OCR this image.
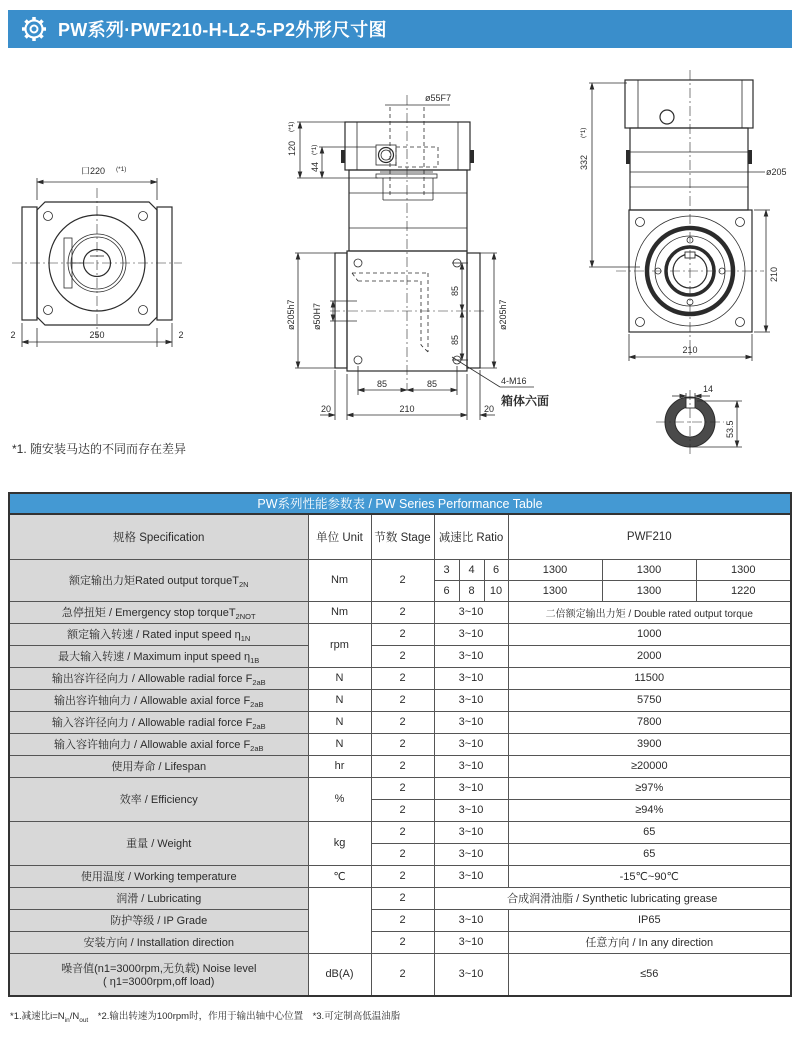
PW系列·PWF210-H-L2-5-P2外形尺寸图
口220 (*1)
2	250	2
ø55F7
120
(*1)
44
(*1)
ø50H7
ø205h7	ø205h7
85
85
85	85
20	210	20
4-M16
箱体六面
ø205
332
(*1)
210
210
14
53.5
*1. 随安装马达的不同而存在差异
PW系列性能参数表 / PW Series Performance Table
规格 Specification	单位 Unit	节数 Stage	减速比 Ratio			PWF210		
额定输出力矩Rated output torqueT$_{2N}$	Nm	2	3	4	6	1300	1300	1300
			6	8	10	1300	1300	1220
急停扭矩 / Emergency stop torqueT$_{2NOT}$	Nm	2	3~10			二倍额定输出力矩 / Double rated output torque		
额定输入转速 / Rated input speed $\eta_{1N}$	rpm	2	3~10			1000		
最大输入转速 / Maximum input speed $\eta_{1B}$		2	3~10			2000		
输出容许径向力 / Allowable radial force $F_{2aB}$	N	2	3~10			11500		
输出容许轴向力 / Allowable axial force $F_{2aB}$	N	2	3~10			5750		
输入容许径向力 / Allowable radial force $F_{2aB}$	N	2	3~10			7800		
输入容许轴向力 / Allowable axial force $F_{2aB}$	N	2	3~10			3900		
使用寿命 / Lifespan	hr	2	3~10			≥20000		
效率 / Efficiency	%	2	3~10			≥97%		
		2	3~10			≥94%		
重量 / Weight	kg	2	3~10			65		
		2	3~10			65		
使用温度 / Working temperature	℃	2	3~10			-15℃~90℃		
润滑 / Lubricating		2	合成润滑油脂 / Synthetic lubricating grease					
防护等级 / IP Grade		2	3~10			IP65		
安装方向 / Installation direction		2	3~10			任意方向 / In any direction		
噪音值(n1=3000rpm,无负载) Noise level
( η1=3000rpm,off load)	dB(A)	2	3~10			≤56		
*1.减速比$i=N_{in}/N_{out}$　*2.输出转速为100rpm时，作用于输出轴中心位置　*3.可定制高低温油脂
